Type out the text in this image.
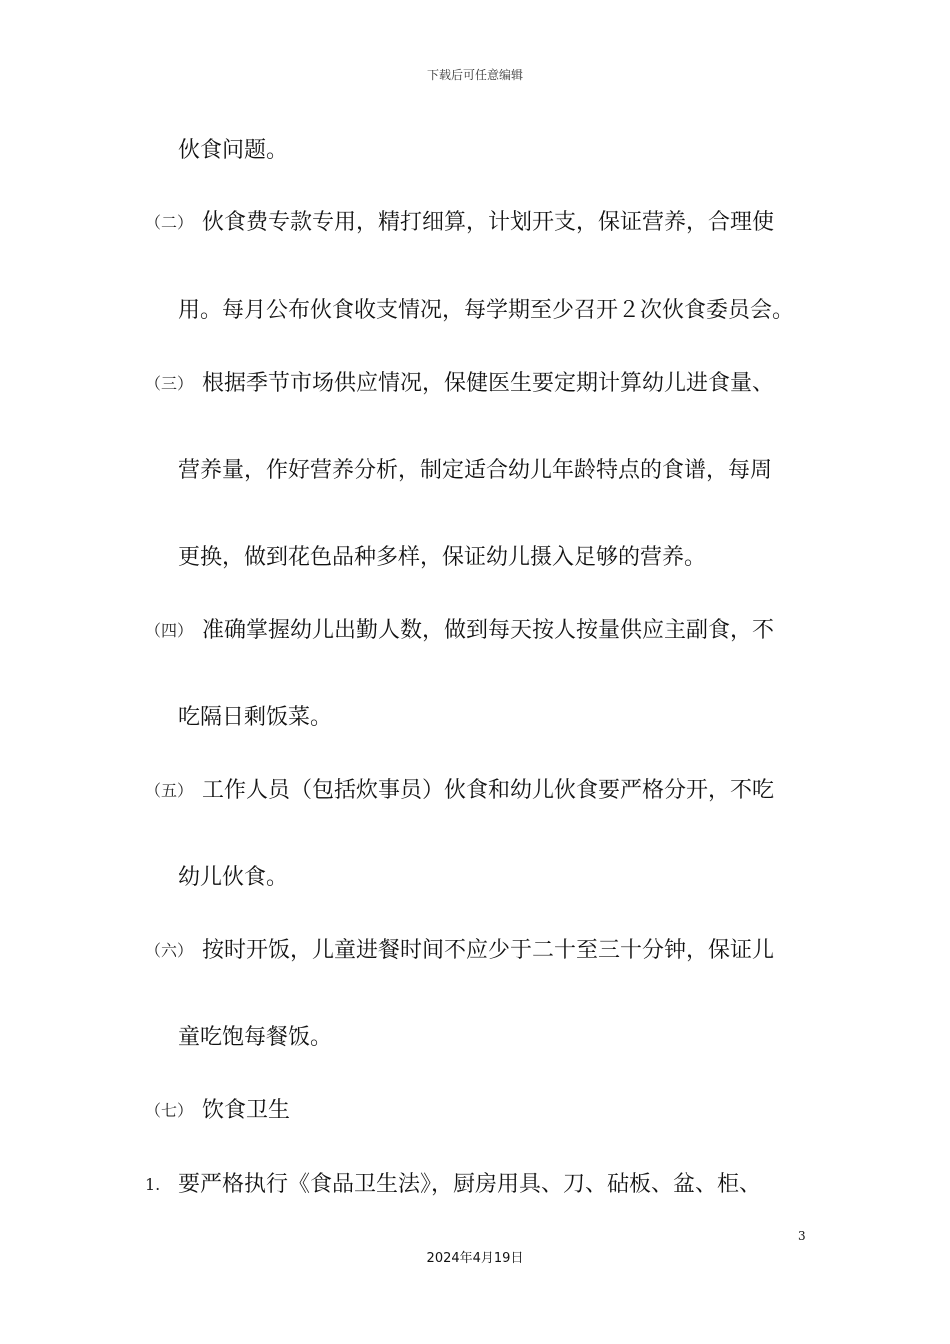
下载后可任意编辑
伙食问题。
（二） 伙食费专款专用，精打细算，计划开支，保证营养，合理使
用。每月公布伙食收支情况，每学期至少召开２次伙食委员会。
（三） 根据季节市场供应情况，保健医生要定期计算幼儿进食量、
营养量，作好营养分析，制定适合幼儿年龄特点的食谱，每周
更换，做到花色品种多样，保证幼儿摄入足够的营养。
（四） 准确掌握幼儿出勤人数，做到每天按人按量供应主副食，不
吃隔日剩饭菜。
（五） 工作人员（包括炊事员）伙食和幼儿伙食要严格分开，不吃
幼儿伙食。
（六） 按时开饭，儿童进餐时间不应少于二十至三十分钟，保证儿
童吃饱每餐饭。
（七） 饮食卫生
1. 要严格执行《食品卫生法》，厨房用具、刀、砧板、盆、柜、
3
2024年4月19日
